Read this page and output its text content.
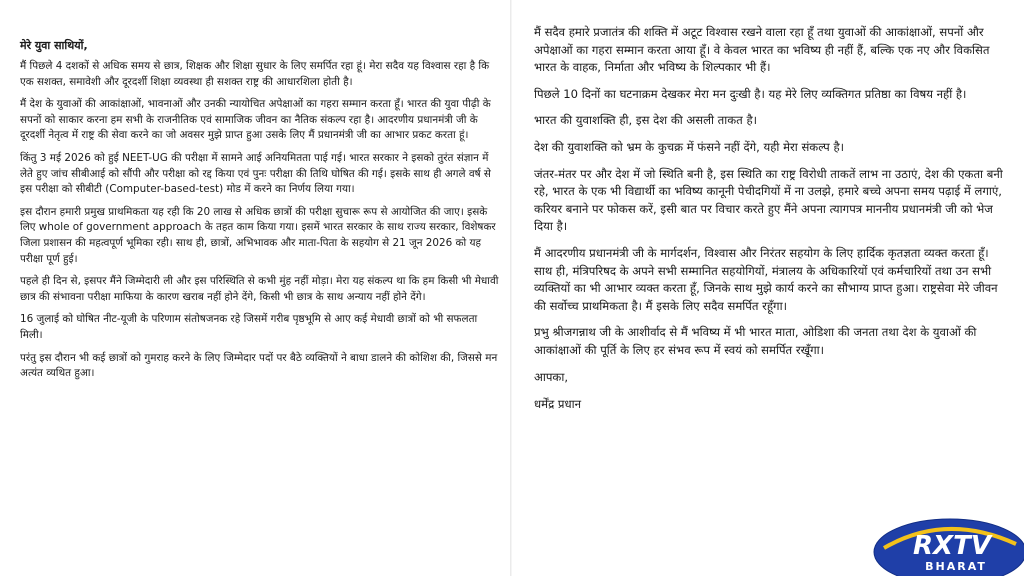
मेरे युवा साथियों,

मैं पिछले 4 दशकों से अधिक समय से छात्र, शिक्षक और शिक्षा सुधार के लिए समर्पित रहा हूं। मेरा सदैव यह विश्वास रहा है कि एक सशक्त, समावेशी और दूरदर्शी शिक्षा व्यवस्था ही सशक्त राष्ट्र की आधारशिला होती है।

मैं देश के युवाओं की आकांक्षाओं, भावनाओं और उनकी न्यायोचित अपेक्षाओं का गहरा सम्मान करता हूँ। भारत की युवा पीढ़ी के सपनों को साकार करना हम सभी के राजनीतिक एवं सामाजिक जीवन का नैतिक संकल्प रहा है। आदरणीय प्रधानमंत्री जी के दूरदर्शी नेतृत्व में राष्ट्र की सेवा करने का जो अवसर मुझे प्राप्त हुआ उसके लिए मैं प्रधानमंत्री जी का आभार प्रकट करता हूं।

किंतु 3 मई 2026 को हुई NEET-UG की परीक्षा में सामने आई अनियमितता पाई गई। भारत सरकार ने इसको तुरंत संज्ञान में लेते हुए जांच सीबीआई को सौंपी और परीक्षा को रद्द किया एवं पुनः परीक्षा की तिथि घोषित की गई। इसके साथ ही अगले वर्ष से इस परीक्षा को सीबीटी (Computer-based-test) मोड में करने का निर्णय लिया गया।

इस दौरान हमारी प्रमुख प्राथमिकता यह रही कि 20 लाख से अधिक छात्रों की परीक्षा सुचारू रूप से आयोजित की जाए। इसके लिए whole of government approach के तहत काम किया गया। इसमें भारत सरकार के साथ राज्य सरकार, विशेषकर जिला प्रशासन की महत्वपूर्ण भूमिका रही। साथ ही, छात्रों, अभिभावक और माता-पिता के सहयोग से 21 जून 2026 को यह परीक्षा पूर्ण हुई।

पहले ही दिन से, इसपर मैंने जिम्मेदारी ली और इस परिस्थिति से कभी मुंह नहीं मोड़ा। मेरा यह संकल्प था कि हम किसी भी मेधावी छात्र की संभावना परीक्षा माफिया के कारण खराब नहीं होने देंगे, किसी भी छात्र के साथ अन्याय नहीं होने देंगे।

16 जुलाई को घोषित नीट-यूजी के परिणाम संतोषजनक रहे जिसमें गरीब पृष्ठभूमि से आए कई मेधावी छात्रों को भी सफलता मिली।

परंतु इस दौरान भी कई छात्रों को गुमराह करने के लिए जिम्मेदार पदों पर बैठे व्यक्तियों ने बाधा डालने की कोशिश की, जिससे मन अत्यंत व्यथित हुआ।

मैं सदैव हमारे प्रजातंत्र की शक्ति में अटूट विश्वास रखने वाला रहा हूँ तथा युवाओं की आकांक्षाओं, सपनों और अपेक्षाओं का गहरा सम्मान करता आया हूँ। वे केवल भारत का भविष्य ही नहीं हैं, बल्कि एक नए और विकसित भारत के वाहक, निर्माता और भविष्य के शिल्पकार भी हैं।

पिछले 10 दिनों का घटनाक्रम देखकर मेरा मन दुःखी है। यह मेरे लिए व्यक्तिगत प्रतिष्ठा का विषय नहीं है।

भारत की युवाशक्ति ही, इस देश की असली ताकत है।

देश की युवाशक्ति को भ्रम के कुचक्र में फंसने नहीं देंगे, यही मेरा संकल्प है।

जंतर-मंतर पर और देश में जो स्थिति बनी है, इस स्थिति का राष्ट्र विरोधी ताकतें लाभ ना उठाएं, देश की एकता बनी रहे, भारत के एक भी विद्यार्थी का भविष्य कानूनी पेचीदगियों में ना उलझे, हमारे बच्चे अपना समय पढ़ाई में लगाएं, करियर बनाने पर फोकस करें, इसी बात पर विचार करते हुए मैंने अपना त्यागपत्र माननीय प्रधानमंत्री जी को भेज दिया है।

मैं आदरणीय प्रधानमंत्री जी के मार्गदर्शन, विश्वास और निरंतर सहयोग के लिए हार्दिक कृतज्ञता व्यक्त करता हूँ। साथ ही, मंत्रिपरिषद के अपने सभी सम्मानित सहयोगियों, मंत्रालय के अधिकारियों एवं कर्मचारियों तथा उन सभी व्यक्तियों का भी आभार व्यक्त करता हूँ, जिनके साथ मुझे कार्य करने का सौभाग्य प्राप्त हुआ। राष्ट्रसेवा मेरे जीवन की सर्वोच्च प्राथमिकता है। मैं इसके लिए सदैव समर्पित रहूँगा।

प्रभु श्रीजगन्नाथ जी के आशीर्वाद से मैं भविष्य में भी भारत माता, ओडिशा की जनता तथा देश के युवाओं की आकांक्षाओं की पूर्ति के लिए हर संभव रूप में स्वयं को समर्पित रखूँगा।

आपका,
धर्मेंद्र प्रधान
RXTV
BHARAT
